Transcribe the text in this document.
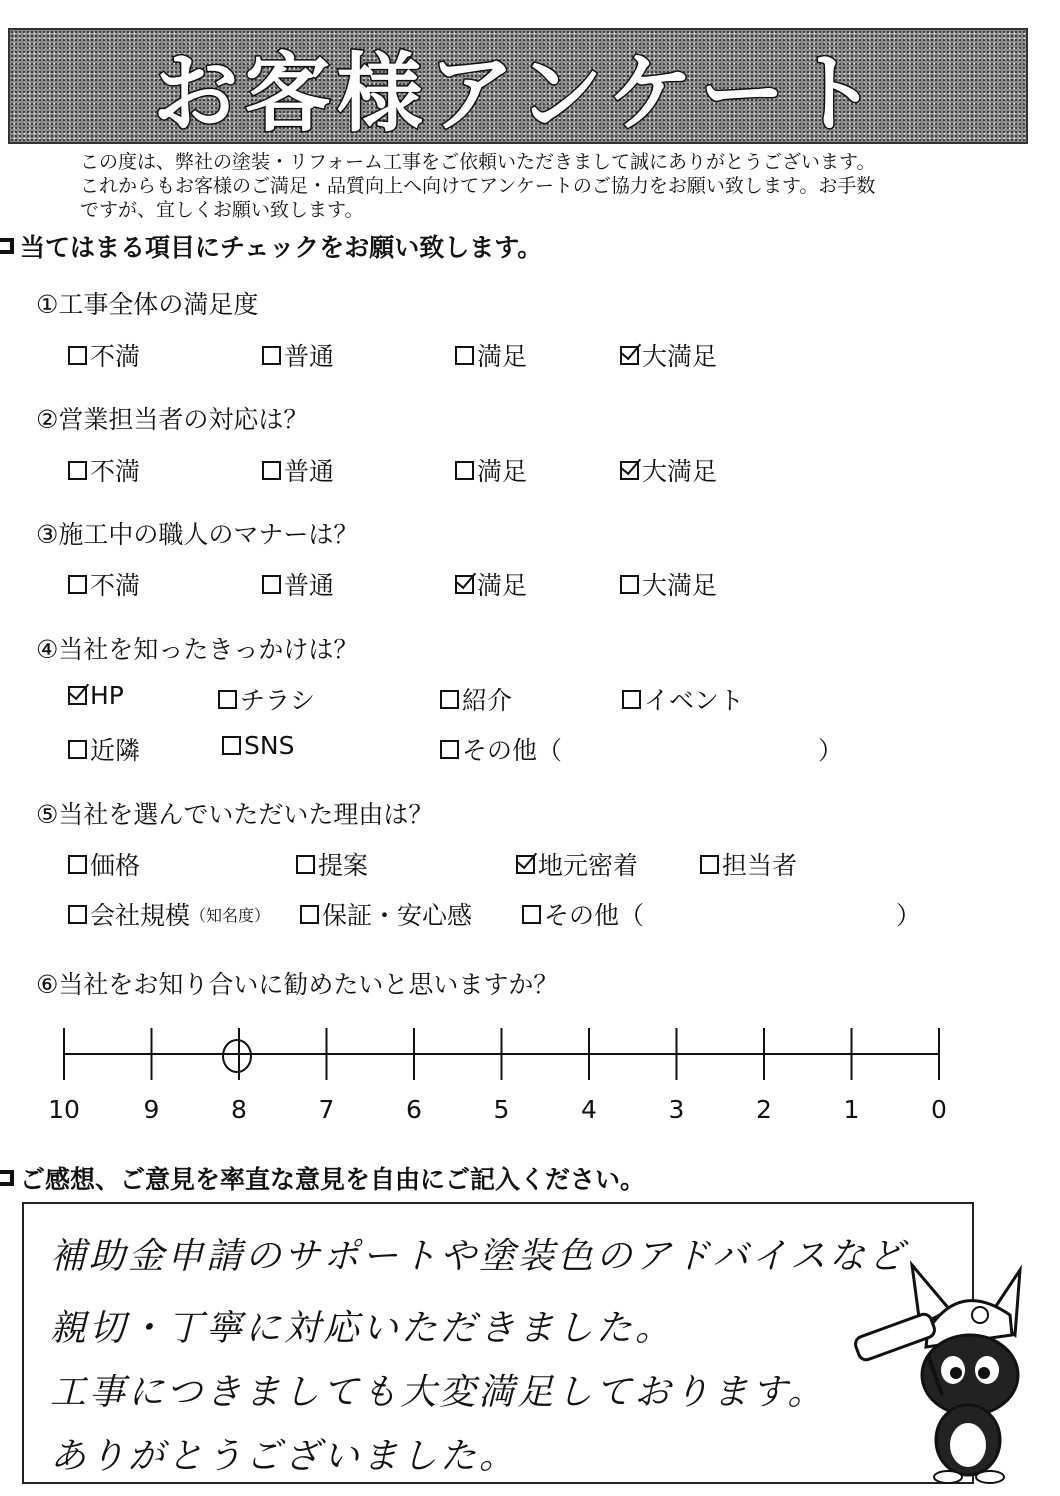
お客様アンケート
この度は、弊社の塗装・リフォーム工事をご依頼いただきまして誠にありがとうございます。
これからもお客様のご満足・品質向上へ向けてアンケートのご協力をお願い致します。お手数
ですが、宜しくお願い致します。
当てはまる項目にチェックをお願い致します。
①工事全体の満足度
不満	普通	満足	大満足
②営業担当者の対応は？
不満	普通	満足	大満足
③施工中の職人のマナーは？
不満	普通	満足	大満足
④当社を知ったきっかけは？
HP	チラシ	紹介	イベント
近隣	SNS	その他（	）
⑤当社を選んでいただいた理由は？
価格	提案	地元密着	担当者
会社規模 （知名度） 保証・安心感	その他（	）
⑥当社をお知り合いに勧めたいと思いますか？
10	9	8	7	6	5	4	3	2	1	0
ご感想、ご意見を率直な意見を自由にご記入ください。
補助金申請のサポートや塗装色のアドバイスなど
親切・丁寧に対応いただきました。
工事につきましても大変満足しております。
ありがとうございました。
